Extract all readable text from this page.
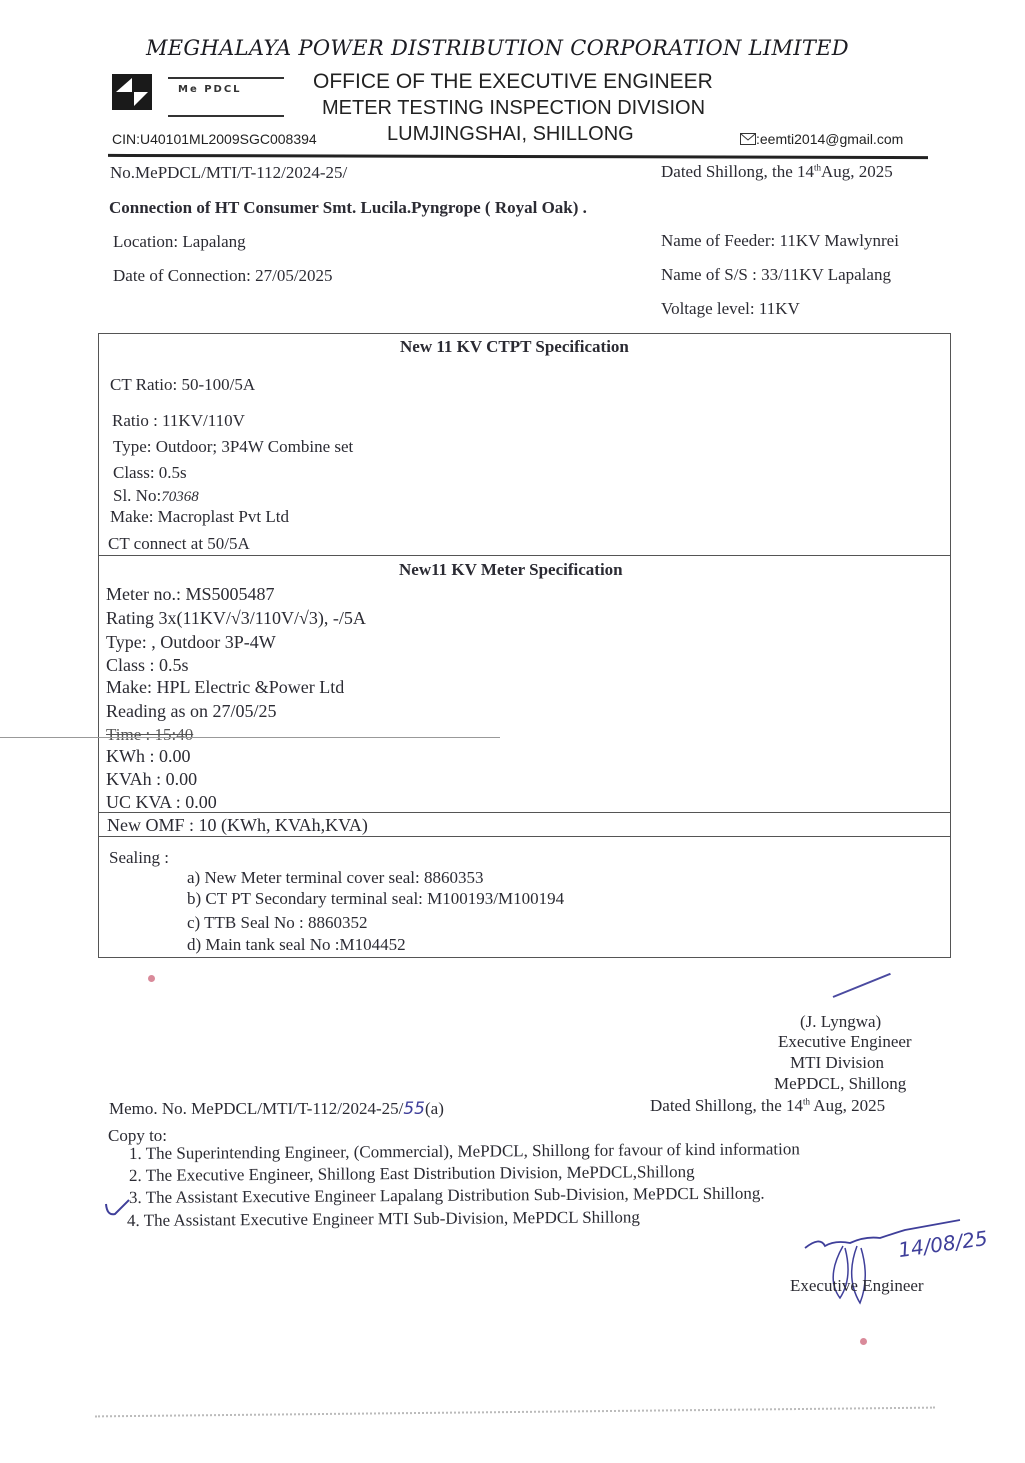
MEGHALAYA POWER DISTRIBUTION CORPORATION LIMITED
Me PDCL	OFFICE OF THE EXECUTIVE ENGINEER
METER TESTING INSPECTION DIVISION
CIN:U40101ML2009SGC008394	LUMJINGSHAI, SHILLONG	:eemti2014@gmail.com
No.MePDCL/MTI/T-112/2024-25/	Dated Shillong, the 14thAug, 2025
Connection of HT Consumer Smt. Lucila.Pyngrope ( Royal Oak) .
Location: Lapalang
Date of Connection: 27/05/2025
Name of Feeder: 11KV Mawlynrei
Name of S/S : 33/11KV Lapalang
Voltage level: 11KV
New 11 KV CTPT Specification
CT Ratio: 50-100/5A
Ratio : 11KV/110V
Type: Outdoor; 3P4W Combine set
Class: 0.5s
Sl. No:70368
Make: Macroplast Pvt Ltd
CT connect at 50/5A
New11 KV Meter Specification
Meter no.: MS5005487
Rating 3x(11KV/√3/110V/√3), -/5A
Type: , Outdoor 3P-4W
Class : 0.5s
Make: HPL Electric &Power Ltd
Reading as on 27/05/25
Time : 15:40
KWh : 0.00
KVAh : 0.00
UC KVA : 0.00
New OMF : 10 (KWh, KVAh,KVA)
Sealing :
a) New Meter terminal cover seal: 8860353
b) CT PT Secondary terminal seal: M100193/M100194
c) TTB Seal No : 8860352
d) Main tank seal No :M104452
(J. Lyngwa)
Executive Engineer
MTI Division
MePDCL, Shillong
Memo. No. MePDCL/MTI/T-112/2024-25/55(a)	Dated Shillong, the 14th Aug, 2025
Copy to:
1. The Superintending Engineer, (Commercial), MePDCL, Shillong for favour of kind information
2. The Executive Engineer, Shillong East Distribution Division, MePDCL,Shillong
3. The Assistant Executive Engineer Lapalang Distribution Sub-Division, MePDCL Shillong.
4. The Assistant Executive Engineer MTI Sub-Division, MePDCL Shillong
14/08/25
Executive Engineer
